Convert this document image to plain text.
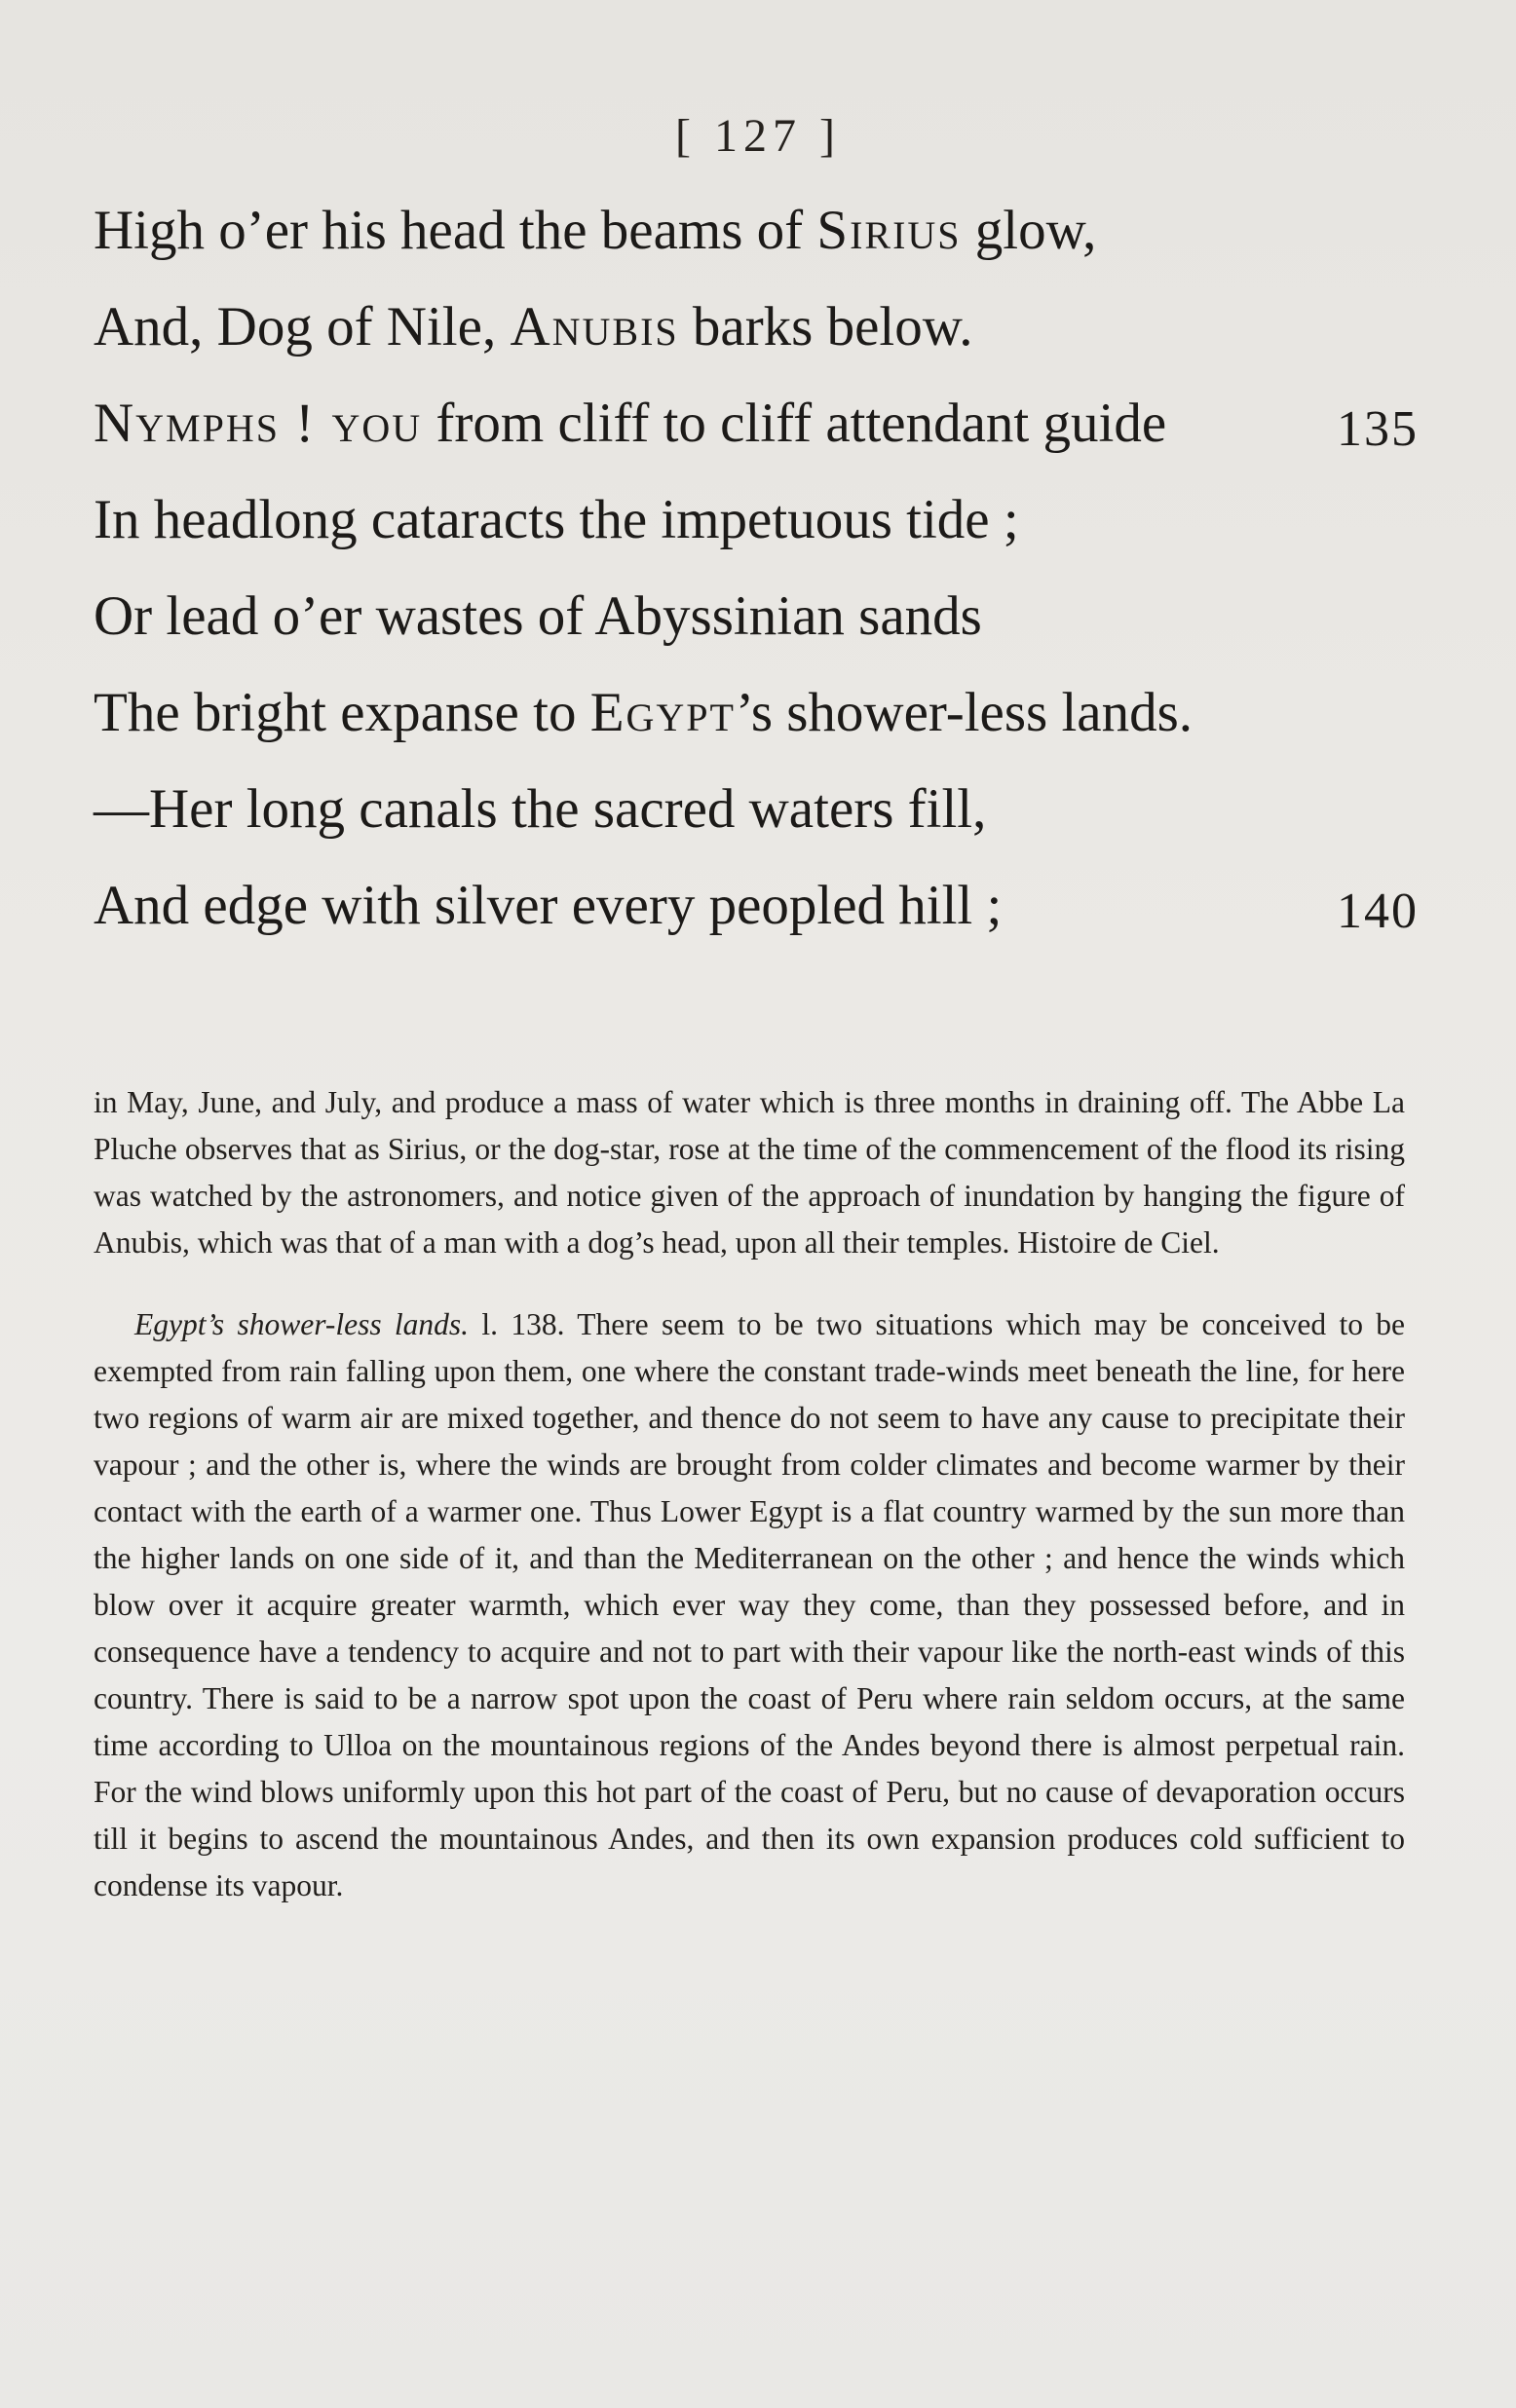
[ 127 ]
High o’er his head the beams of Sirius glow,
And, Dog of Nile, Anubis barks below.
Nymphs ! you from cliff to cliff attendant guide	135
In headlong cataracts the impetuous tide ;
Or lead o’er wastes of Abyssinian sands
The bright expanse to Egypt’s shower-less lands.
—Her long canals the sacred waters fill,
And edge with silver every peopled hill ;	140

in May, June, and July, and produce a mass of water which is three months in draining off. The Abbe La Pluche observes that as Sirius, or the dog-star, rose at the time of the commencement of the flood its rising was watched by the astronomers, and notice given of the approach of inundation by hanging the figure of Anubis, which was that of a man with a dog’s head, upon all their temples. Histoire de Ciel.

Egypt’s shower-less lands. l. 138. There seem to be two situations which may be conceived to be exempted from rain falling upon them, one where the constant trade-winds meet beneath the line, for here two regions of warm air are mixed together, and thence do not seem to have any cause to precipitate their vapour ; and the other is, where the winds are brought from colder climates and become warmer by their contact with the earth of a warmer one. Thus Lower Egypt is a flat country warmed by the sun more than the higher lands on one side of it, and than the Mediterranean on the other ; and hence the winds which blow over it acquire greater warmth, which ever way they come, than they possessed before, and in consequence have a tendency to acquire and not to part with their vapour like the north-east winds of this country. There is said to be a narrow spot upon the coast of Peru where rain seldom occurs, at the same time according to Ulloa on the mountainous regions of the Andes beyond there is almost perpetual rain. For the wind blows uniformly upon this hot part of the coast of Peru, but no cause of devaporation occurs till it begins to ascend the mountainous Andes, and then its own expansion produces cold sufficient to condense its vapour.
